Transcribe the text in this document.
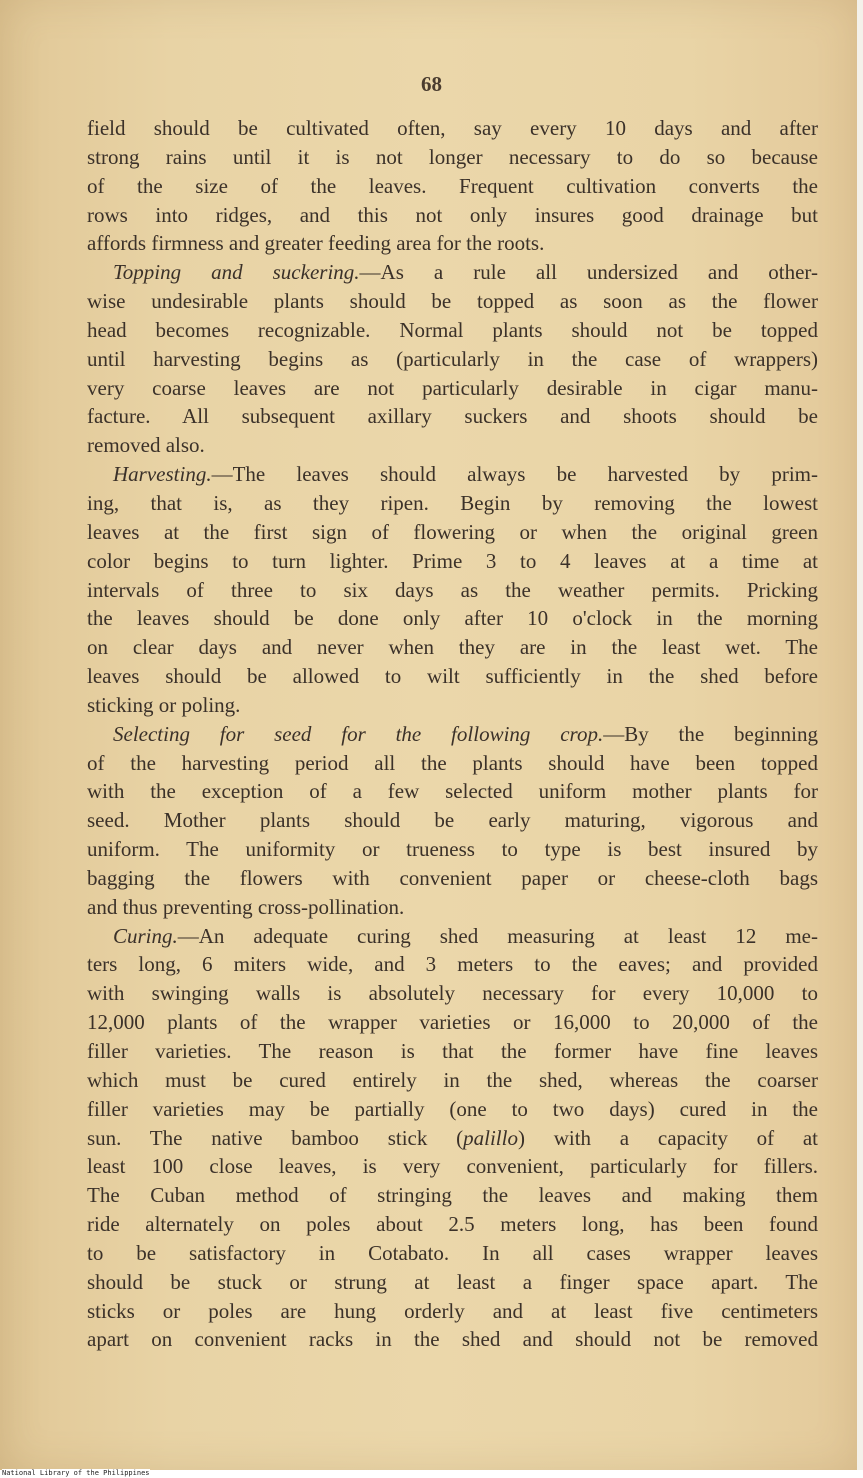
68
field should be cultivated often, say every 10 days and after
strong rains until it is not longer necessary to do so because
of the size of the leaves. Frequent cultivation converts the
rows into ridges, and this not only insures good drainage but
affords firmness and greater feeding area for the roots.
Topping and suckering.—As a rule all undersized and other-
wise undesirable plants should be topped as soon as the flower
head becomes recognizable. Normal plants should not be topped
until harvesting begins as (particularly in the case of wrappers)
very coarse leaves are not particularly desirable in cigar manu-
facture. All subsequent axillary suckers and shoots should be
removed also.
Harvesting.—The leaves should always be harvested by prim-
ing, that is, as they ripen. Begin by removing the lowest
leaves at the first sign of flowering or when the original green
color begins to turn lighter. Prime 3 to 4 leaves at a time at
intervals of three to six days as the weather permits. Pricking
the leaves should be done only after 10 o'clock in the morning
on clear days and never when they are in the least wet. The
leaves should be allowed to wilt sufficiently in the shed before
sticking or poling.
Selecting for seed for the following crop.—By the beginning
of the harvesting period all the plants should have been topped
with the exception of a few selected uniform mother plants for
seed. Mother plants should be early maturing, vigorous and
uniform. The uniformity or trueness to type is best insured by
bagging the flowers with convenient paper or cheese-cloth bags
and thus preventing cross-pollination.
Curing.—An adequate curing shed measuring at least 12 me-
ters long, 6 miters wide, and 3 meters to the eaves; and provided
with swinging walls is absolutely necessary for every 10,000 to
12,000 plants of the wrapper varieties or 16,000 to 20,000 of the
filler varieties. The reason is that the former have fine leaves
which must be cured entirely in the shed, whereas the coarser
filler varieties may be partially (one to two days) cured in the
sun. The native bamboo stick (palillo) with a capacity of at
least 100 close leaves, is very convenient, particularly for fillers.
The Cuban method of stringing the leaves and making them
ride alternately on poles about 2.5 meters long, has been found
to be satisfactory in Cotabato. In all cases wrapper leaves
should be stuck or strung at least a finger space apart. The
sticks or poles are hung orderly and at least five centimeters
apart on convenient racks in the shed and should not be removed
National Library of the Philippines
